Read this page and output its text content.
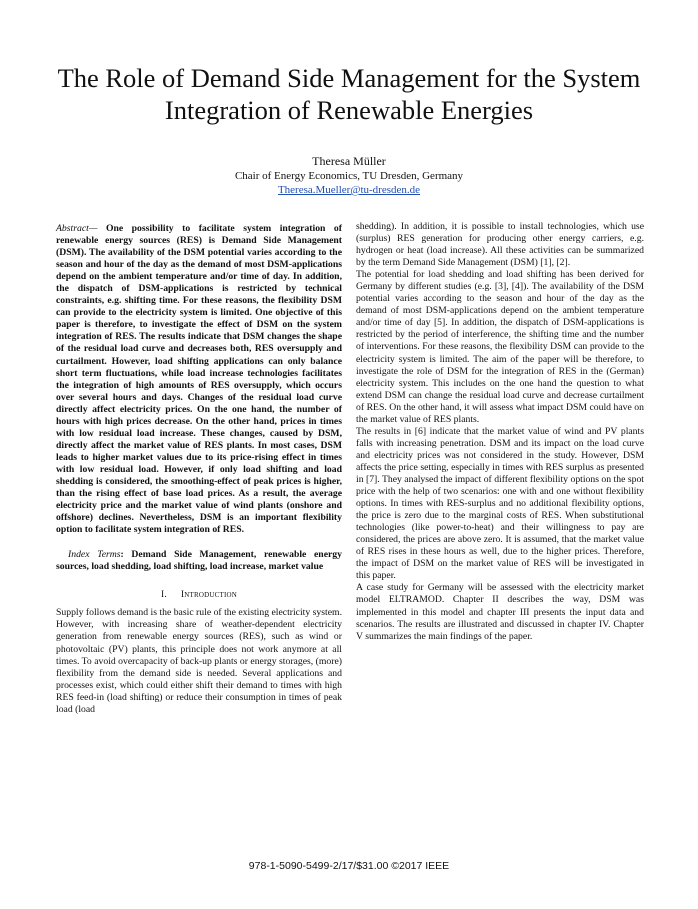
The Role of Demand Side Management for the System Integration of Renewable Energies
Theresa Müller
Chair of Energy Economics, TU Dresden, Germany
Theresa.Mueller@tu-dresden.de

Abstract— One possibility to facilitate system integration of renewable energy sources (RES) is Demand Side Management (DSM). The availability of the DSM potential varies according to the season and hour of the day as the demand of most DSM-applications depend on the ambient temperature and/or time of day. In addition, the dispatch of DSM-applications is restricted by technical constraints, e.g. shifting time. For these reasons, the flexibility DSM can provide to the electricity system is limited. One objective of this paper is therefore, to investigate the effect of DSM on the system integration of RES. The results indicate that DSM changes the shape of the residual load curve and decreases both, RES oversupply and curtailment. However, load shifting applications can only balance short term fluctuations, while load increase technologies facilitates the integration of high amounts of RES oversupply, which occurs over several hours and days. Changes of the residual load curve directly affect electricity prices. On the one hand, the number of hours with high prices decrease. On the other hand, prices in times with low residual load increase. These changes, caused by DSM, directly affect the market value of RES plants. In most cases, DSM leads to higher market values due to its price-rising effect in times with low residual load. However, if only load shifting and load shedding is considered, the smoothing-effect of peak prices is higher, than the rising effect of base load prices. As a result, the average electricity price and the market value of wind plants (onshore and offshore) declines. Nevertheless, DSM is an important flexibility option to facilitate system integration of RES.

Index Terms: Demand Side Management, renewable energy sources, load shedding, load shifting, load increase, market value

I. Introduction

Supply follows demand is the basic rule of the existing electricity system. However, with increasing share of weather-dependent electricity generation from renewable energy sources (RES), such as wind or photovoltaic (PV) plants, this principle does not work anymore at all times. To avoid overcapacity of back-up plants or energy storages, (more) flexibility from the demand side is needed. Several applications and processes exist, which could either shift their demand to times with high RES feed-in (load shifting) or reduce their consumption in times of peak load (load

shedding). In addition, it is possible to install technologies, which use (surplus) RES generation for producing other energy carriers, e.g. hydrogen or heat (load increase). All these activities can be summarized by the term Demand Side Management (DSM) [1], [2].

The potential for load shedding and load shifting has been derived for Germany by different studies (e.g. [3], [4]). The availability of the DSM potential varies according to the season and hour of the day as the demand of most DSM-applications depend on the ambient temperature and/or time of day [5]. In addition, the dispatch of DSM-applications is restricted by the period of interference, the shifting time and the number of interventions. For these reasons, the flexibility DSM can provide to the electricity system is limited. The aim of the paper will be therefore, to investigate the role of DSM for the integration of RES in the (German) electricity system. This includes on the one hand the question to what extend DSM can change the residual load curve and decrease curtailment of RES. On the other hand, it will assess what impact DSM could have on the market value of RES plants.

The results in [6] indicate that the market value of wind and PV plants falls with increasing penetration. DSM and its impact on the load curve and electricity prices was not considered in the study. However, DSM affects the price setting, especially in times with RES surplus as presented in [7]. They analysed the impact of different flexibility options on the spot price with the help of two scenarios: one with and one without flexibility options. In times with RES-surplus and no additional flexibility options, the price is zero due to the marginal costs of RES. When substitutional technologies (like power-to-heat) and their willingness to pay are considered, the prices are above zero. It is assumed, that the market value of RES rises in these hours as well, due to the higher prices. Therefore, the impact of DSM on the market value of RES will be investigated in this paper.

A case study for Germany will be assessed with the electricity market model ELTRAMOD. Chapter II describes the way, DSM was implemented in this model and chapter III presents the input data and scenarios. The results are illustrated and discussed in chapter IV. Chapter V summarizes the main findings of the paper.

978-1-5090-5499-2/17/$31.00 ©2017 IEEE
